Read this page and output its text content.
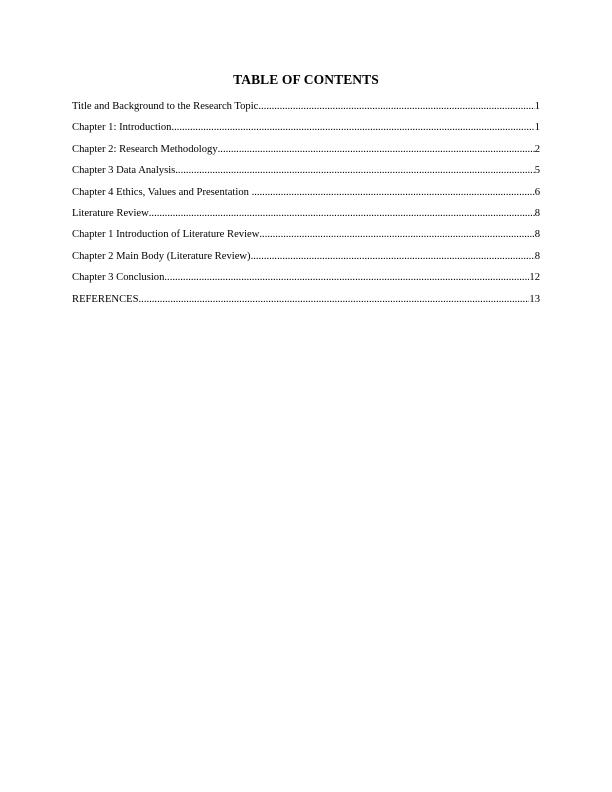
TABLE OF CONTENTS
Title and Background to the Research Topic .....	1
Chapter 1: Introduction .....	1
Chapter 2: Research Methodology .....	2
Chapter 3 Data Analysis .....	5
Chapter 4 Ethics, Values and Presentation .....	6
Literature Review .....	8
Chapter 1 Introduction of Literature Review .....	8
Chapter 2 Main Body (Literature Review) .....	8
Chapter 3 Conclusion .....	12
REFERENCES .....	13
